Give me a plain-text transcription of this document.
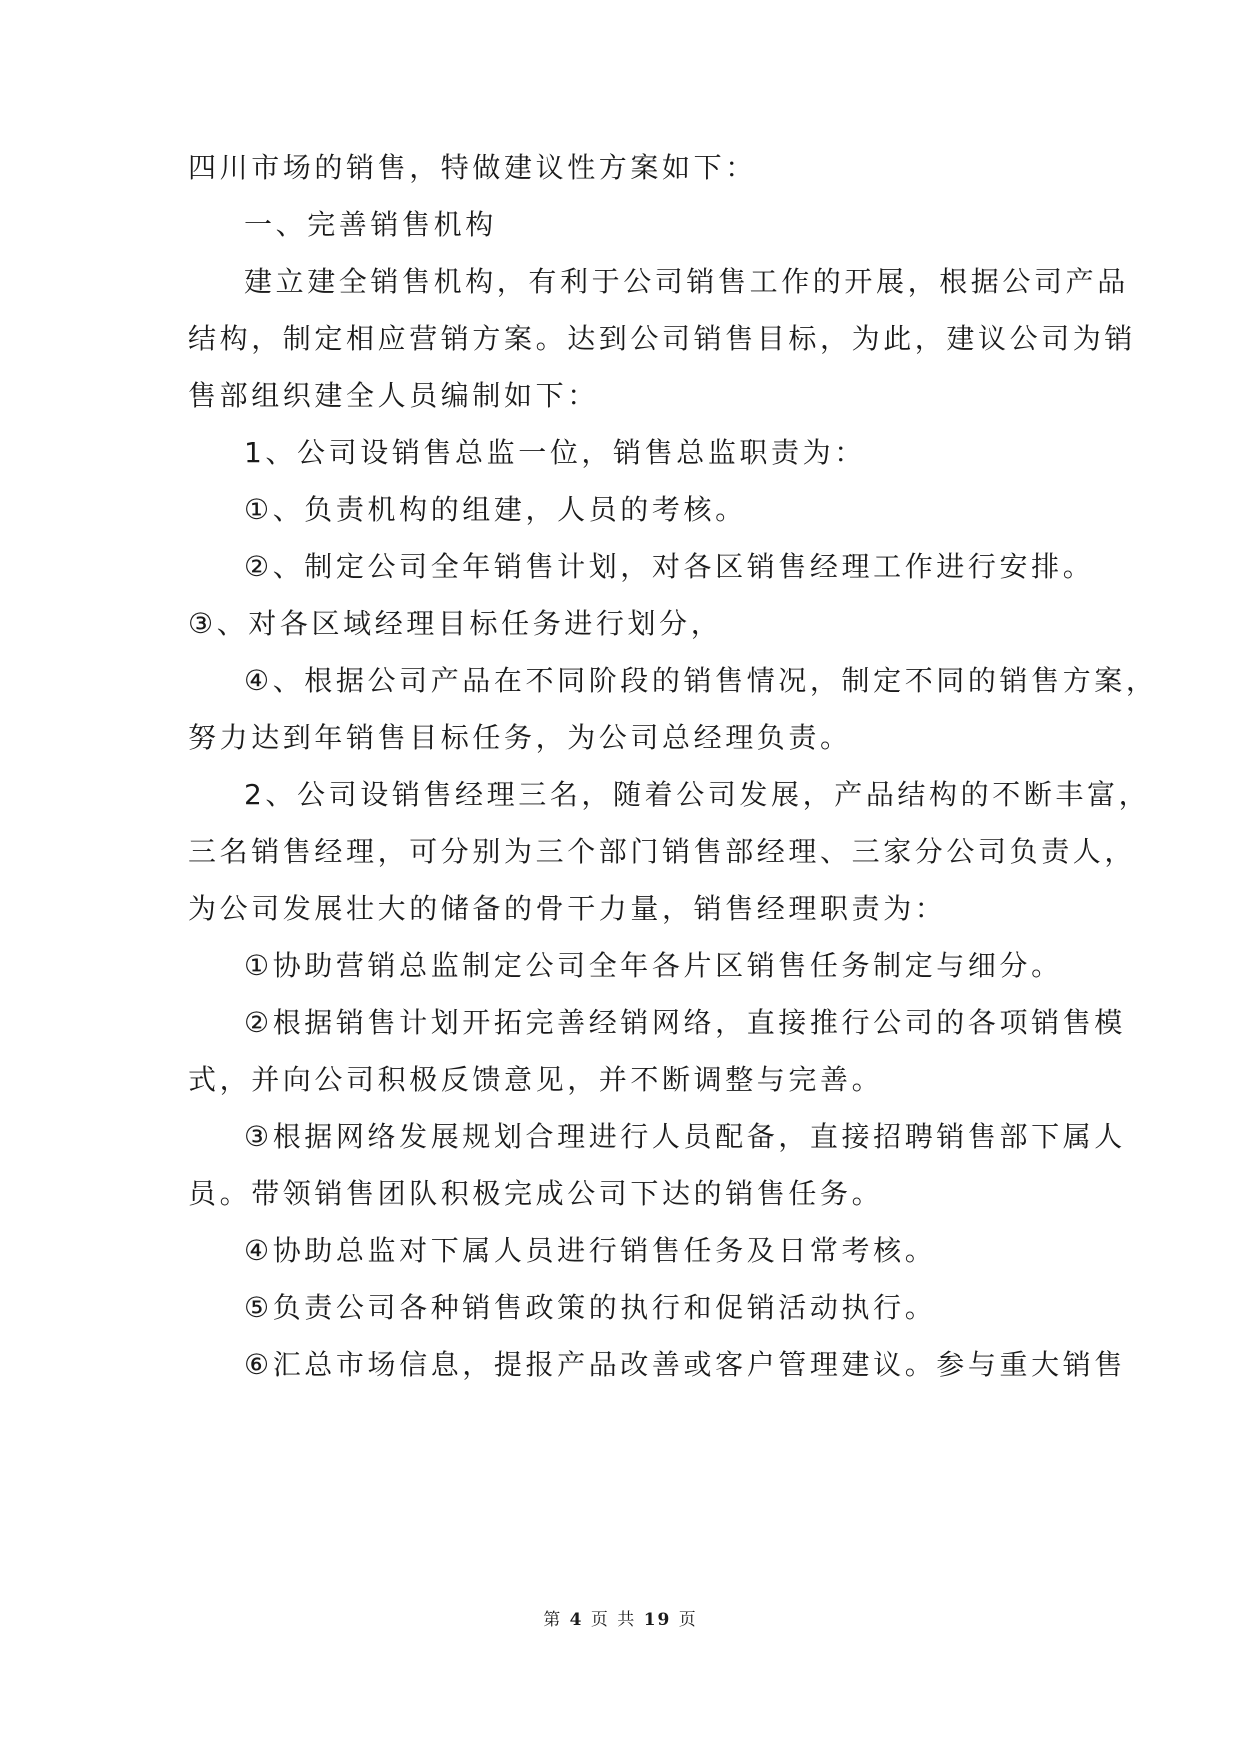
四川市场的销售，特做建议性方案如下：
一、完善销售机构
建立建全销售机构，有利于公司销售工作的开展，根据公司产品
结构，制定相应营销方案。达到公司销售目标，为此，建议公司为销
售部组织建全人员编制如下：
1、公司设销售总监一位，销售总监职责为：
①、负责机构的组建，人员的考核。
②、制定公司全年销售计划，对各区销售经理工作进行安排。
③、对各区域经理目标任务进行划分，
④、根据公司产品在不同阶段的销售情况，制定不同的销售方案，
努力达到年销售目标任务，为公司总经理负责。
2、公司设销售经理三名，随着公司发展，产品结构的不断丰富，
三名销售经理，可分别为三个部门销售部经理、三家分公司负责人，
为公司发展壮大的储备的骨干力量，销售经理职责为：
①协助营销总监制定公司全年各片区销售任务制定与细分。
②根据销售计划开拓完善经销网络，直接推行公司的各项销售模
式，并向公司积极反馈意见，并不断调整与完善。
③根据网络发展规划合理进行人员配备，直接招聘销售部下属人
员。带领销售团队积极完成公司下达的销售任务。
④协助总监对下属人员进行销售任务及日常考核。
⑤负责公司各种销售政策的执行和促销活动执行。
⑥汇总市场信息，提报产品改善或客户管理建议。参与重大销售
第 4 页 共 19 页
